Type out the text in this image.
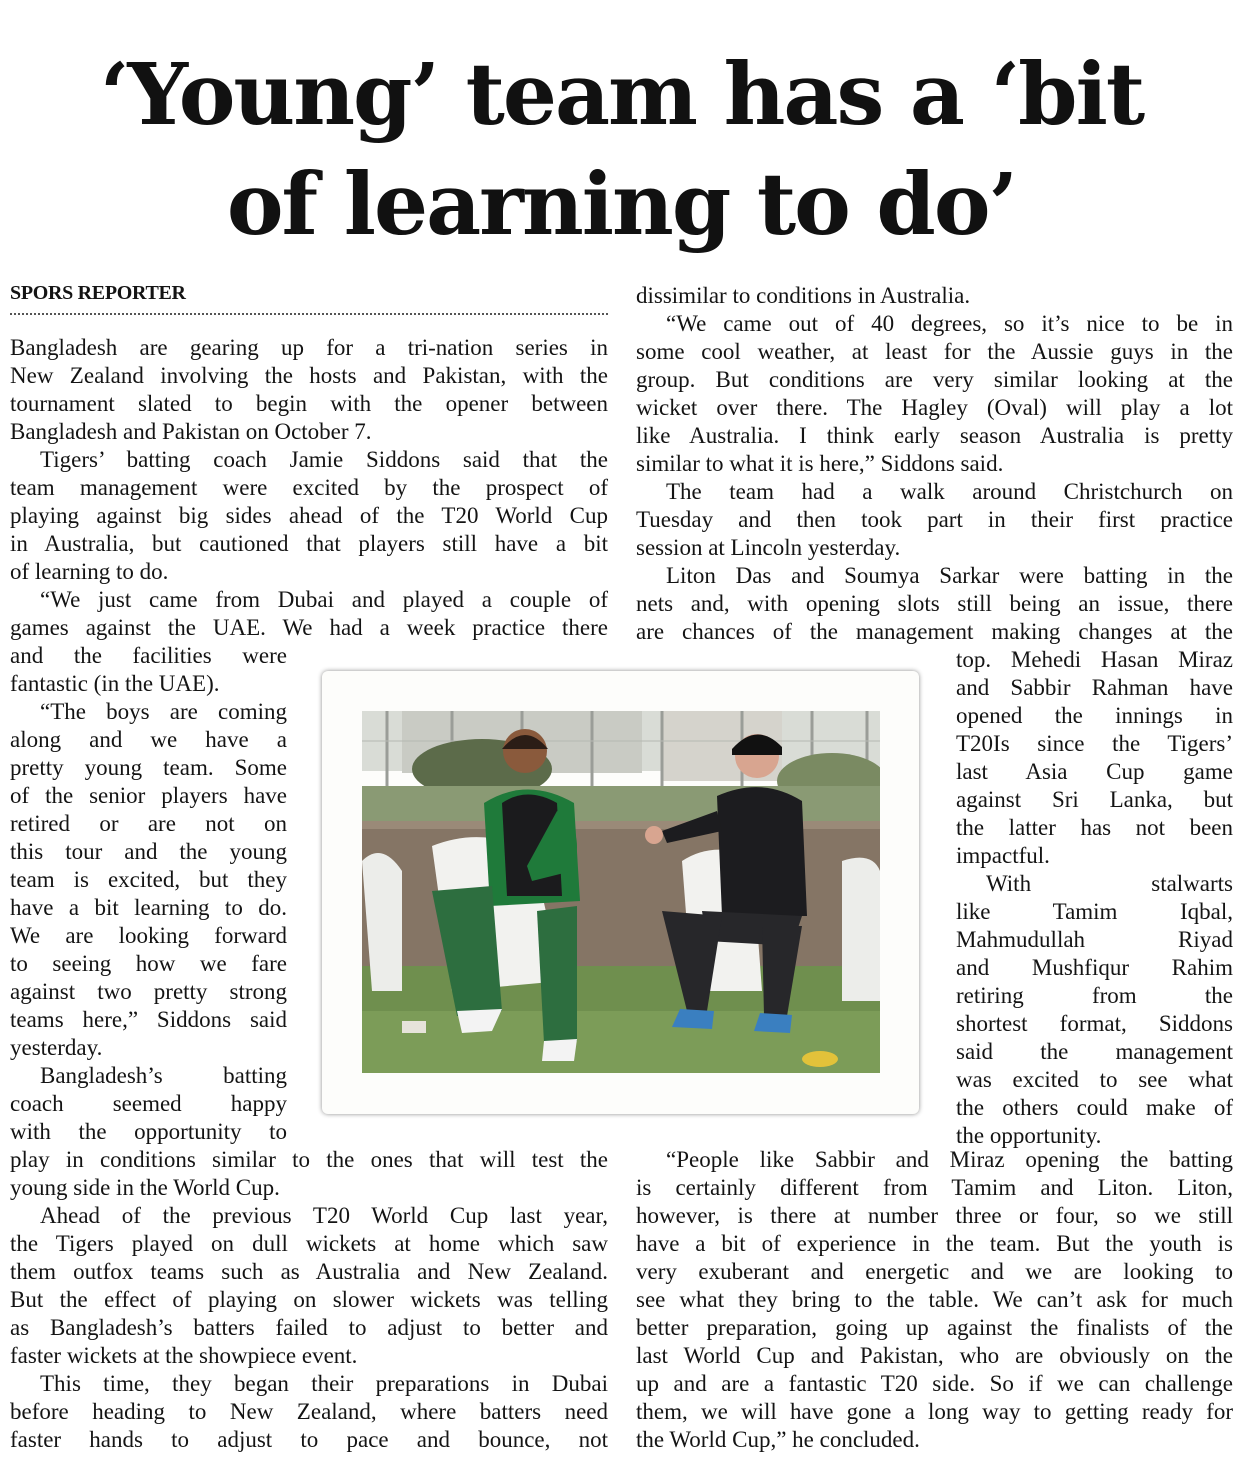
‘Young’ team has a ‘bit
of learning to do’
SPORS REPORTER

Bangladesh are gearing up for a tri-nation series in

New Zealand involving the hosts and Pakistan, with the

tournament slated to begin with the opener between

Bangladesh and Pakistan on October 7.

Tigers’ batting coach Jamie Siddons said that the

team management were excited by the prospect of

playing against big sides ahead of the T20 World Cup

in Australia, but cautioned that players still have a bit

of learning to do.

“We just came from Dubai and played a couple of

games against the UAE. We had a week practice there

and the facilities were

fantastic (in the UAE).

“The boys are coming

along and we have a

pretty young team. Some

of the senior players have

retired or are not on

this tour and the young

team is excited, but they

have a bit learning to do.

We are looking forward

to seeing how we fare

against two pretty strong

teams here,” Siddons said

yesterday.

Bangladesh’s batting

coach seemed happy

with the opportunity to

play in conditions similar to the ones that will test the

young side in the World Cup.

Ahead of the previous T20 World Cup last year,

the Tigers played on dull wickets at home which saw

them outfox teams such as Australia and New Zealand.

But the effect of playing on slower wickets was telling

as Bangladesh’s batters failed to adjust to better and

faster wickets at the showpiece event.

This time, they began their preparations in Dubai

before heading to New Zealand, where batters need

faster hands to adjust to pace and bounce, not

dissimilar to conditions in Australia.

“We came out of 40 degrees, so it’s nice to be in

some cool weather, at least for the Aussie guys in the

group. But conditions are very similar looking at the

wicket over there. The Hagley (Oval) will play a lot

like Australia. I think early season Australia is pretty

similar to what it is here,” Siddons said.

The team had a walk around Christchurch on

Tuesday and then took part in their first practice

session at Lincoln yesterday.

Liton Das and Soumya Sarkar were batting in the

nets and, with opening slots still being an issue, there

are chances of the management making changes at the

top. Mehedi Hasan Miraz

and Sabbir Rahman have

opened the innings in

T20Is since the Tigers’

last Asia Cup game

against Sri Lanka, but

the latter has not been

impactful.

With stalwarts

like Tamim Iqbal,

Mahmudullah Riyad

and Mushfiqur Rahim

retiring from the

shortest format, Siddons

said the management

was excited to see what

the others could make of

the opportunity.

“People like Sabbir and Miraz opening the batting

is certainly different from Tamim and Liton. Liton,

however, is there at number three or four, so we still

have a bit of experience in the team. But the youth is

very exuberant and energetic and we are looking to

see what they bring to the table. We can’t ask for much

better preparation, going up against the finalists of the

last World Cup and Pakistan, who are obviously on the

up and are a fantastic T20 side. So if we can challenge

them, we will have gone a long way to getting ready for

the World Cup,” he concluded.
